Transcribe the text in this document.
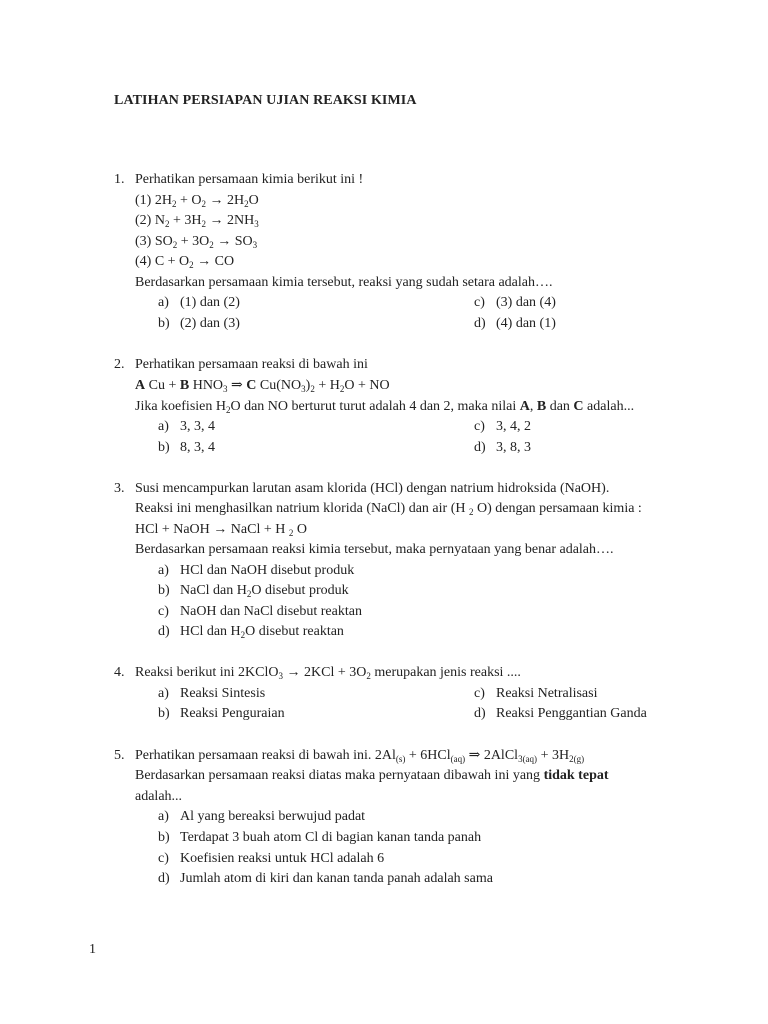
LATIHAN PERSIAPAN UJIAN REAKSI KIMIA
1. Perhatikan persamaan kimia berikut ini !
(1) $2H_2 + O_2 \to 2H_2O$
(2) $N_2 + 3H_2 \to 2NH_3$
(3) $SO_2 + 3O_2 \to SO_3$
(4) $C + O_2$ → CO
Berdasarkan persamaan kimia tersebut, reaksi yang sudah setara adalah….
a) (1) dan (2)
b) (2) dan (3)
c) (3) dan (4)
d) (4) dan (1)
2. Perhatikan persamaan reaksi di bawah ini
A Cu + B $HNO_3$ ⇒ C $Cu(NO_3)_2 + H_2O$ + NO
Jika koefisien $H_2O$ dan NO berturut turut adalah 4 dan 2, maka nilai A, B dan C adalah...
a) 3, 3, 4
b) 8, 3, 4
c) 3, 4, 2
d) 3, 8, 3
3. Susi mencampurkan larutan asam klorida (HCl) dengan natrium hidroksida (NaOH).
Reaksi ini menghasilkan natrium klorida (NaCl) dan air (H $_2$ O) dengan persamaan kimia :
HCl + NaOH → NaCl + H $_2$ O
Berdasarkan persamaan reaksi kimia tersebut, maka pernyataan yang benar adalah….
a) HCl dan NaOH disebut produk
b) NaCl dan $H_2O$ disebut produk
c) NaOH dan NaCl disebut reaktan
d) HCl dan $H_2O$ disebut reaktan
4. Reaksi berikut ini 2KClO$_3$ → $2KCl + 3O_2$ merupakan jenis reaksi ....
a) Reaksi Sintesis
b) Reaksi Penguraian
c) Reaksi Netralisasi
d) Reaksi Penggantian Ganda
5. Perhatikan persamaan reaksi di bawah ini. $2Al_{(s)} + 6HCl_{(aq)}$ ⇒ 2AlCl$_{3(aq)}$ + $3H_{2(g)}$
Berdasarkan persamaan reaksi diatas maka pernyataan dibawah ini yang tidak tepat
adalah...
a) Al yang bereaksi berwujud padat
b) Terdapat 3 buah atom Cl di bagian kanan tanda panah
c) Koefisien reaksi untuk HCl adalah 6
d) Jumlah atom di kiri dan kanan tanda panah adalah sama
1
